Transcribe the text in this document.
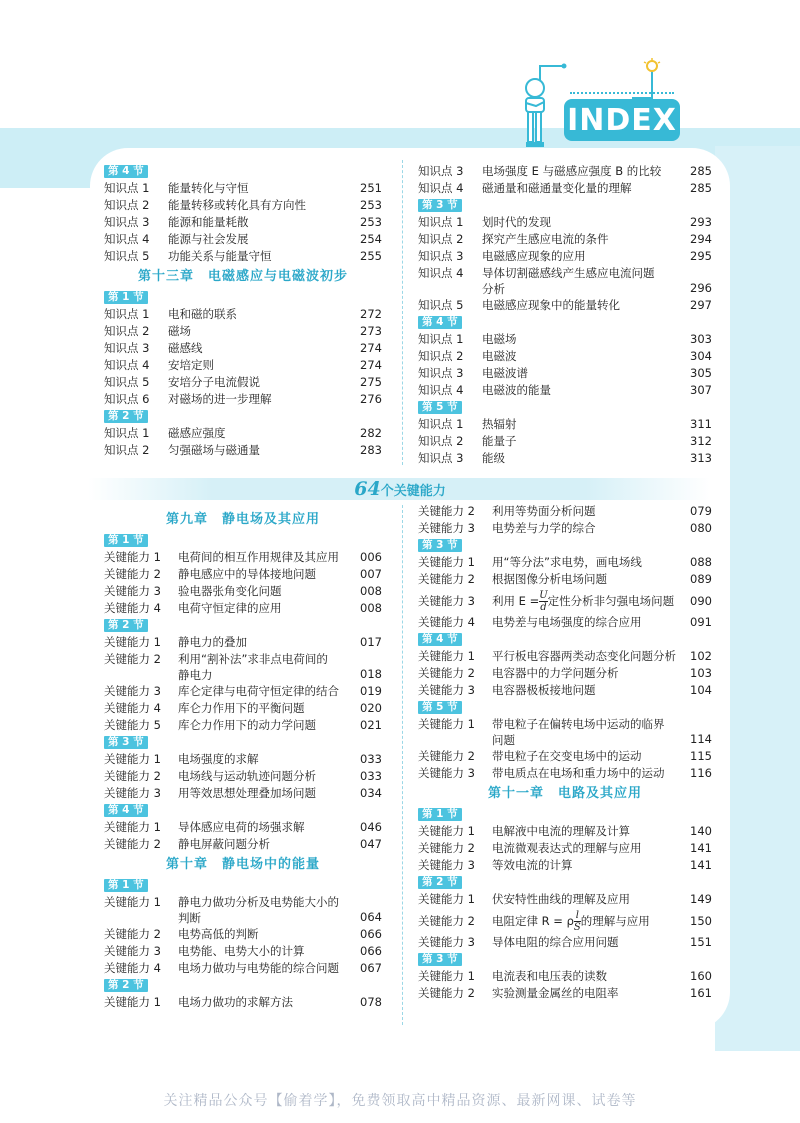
INDEX
第 4 节
知识点 1 能量转化与守恒	251
知识点 2 能量转移或转化具有方向性	253
知识点 3 能源和能量耗散	253
知识点 4 能源与社会发展	254
知识点 5 功能关系与能量守恒	255
第十三章　电磁感应与电磁波初步
第 1 节
知识点 1 电和磁的联系	272
知识点 2 磁场	273
知识点 3 磁感线	274
知识点 4 安培定则	274
知识点 5 安培分子电流假说	275
知识点 6 对磁场的进一步理解	276
第 2 节
知识点 1 磁感应强度	282
知识点 2 匀强磁场与磁通量	283
知识点 3 电场强度 E 与磁感应强度 B 的比较	285
知识点 4 磁通量和磁通量变化量的理解	285
第 3 节
知识点 1 划时代的发现	293
知识点 2 探究产生感应电流的条件	294
知识点 3 电磁感应现象的应用	295
知识点 4 导体切割磁感线产生感应电流问题
分析	296
知识点 5 电磁感应现象中的能量转化	297
第 4 节
知识点 1 电磁场	303
知识点 2 电磁波	304
知识点 3 电磁波谱	305
知识点 4 电磁波的能量	307
第 5 节
知识点 1 热辐射	311
知识点 2 能量子	312
知识点 3 能级	313
64个关键能力
第九章　静电场及其应用
第 1 节
关键能力 1 电荷间的相互作用规律及其应用 006
关键能力 2 静电感应中的导体接地问题	007
关键能力 3 验电器张角变化问题	008
关键能力 4 电荷守恒定律的应用	008
第 2 节
关键能力 1 静电力的叠加	017
关键能力 2 利用“割补法”求非点电荷间的
静电力	018
关键能力 3 库仑定律与电荷守恒定律的结合 019
关键能力 4 库仑力作用下的平衡问题	020
关键能力 5 库仑力作用下的动力学问题	021
第 3 节
关键能力 1 电场强度的求解	033
关键能力 2 电场线与运动轨迹问题分析	033
关键能力 3 用等效思想处理叠加场问题	034
第 4 节
关键能力 1 导体感应电荷的场强求解	046
关键能力 2 静电屏蔽问题分析	047
第十章　静电场中的能量
第 1 节
关键能力 1 静电力做功分析及电势能大小的
判断	064
关键能力 2 电势高低的判断	066
关键能力 3 电势能、电势大小的计算	066
关键能力 4 电场力做功与电势能的综合问题 067
第 2 节
关键能力 1 电场力做功的求解方法	078
关键能力 2 利用等势面分析问题	079
关键能力 3 电势差与力学的综合	080
第 3 节
关键能力 1 用“等分法”求电势，画电场线	088
关键能力 2 根据图像分析电场问题	089
关键能力 3 利用 $E = \frac{U}{d}$ 定性分析非匀强电场问题 090
关键能力 4 电势差与电场强度的综合应用	091
第 4 节
关键能力 1 平行板电容器两类动态变化问题分析 102
关键能力 2 电容器中的力学问题分析	103
关键能力 3 电容器极板接地问题	104
第 5 节
关键能力 1 带电粒子在偏转电场中运动的临界
问题	114
关键能力 2 带电粒子在交变电场中的运动	115
关键能力 3 带电质点在电场和重力场中的运动 116
第十一章　电路及其应用
第 1 节
关键能力 1 电解液中电流的理解及计算	140
关键能力 2 电流微观表达式的理解与应用	141
关键能力 3 等效电流的计算	141
第 2 节
关键能力 1 伏安特性曲线的理解及应用	149
关键能力 2 电阻定律 R = ρ $\frac{l}{S}$ 的理解与应用	150
关键能力 3 导体电阻的综合应用问题	151
第 3 节
关键能力 1 电流表和电压表的读数	160
关键能力 2 实验测量金属丝的电阻率	161
关注精品公众号【偷着学】，免费领取高中精品资源、最新网课、试卷等
